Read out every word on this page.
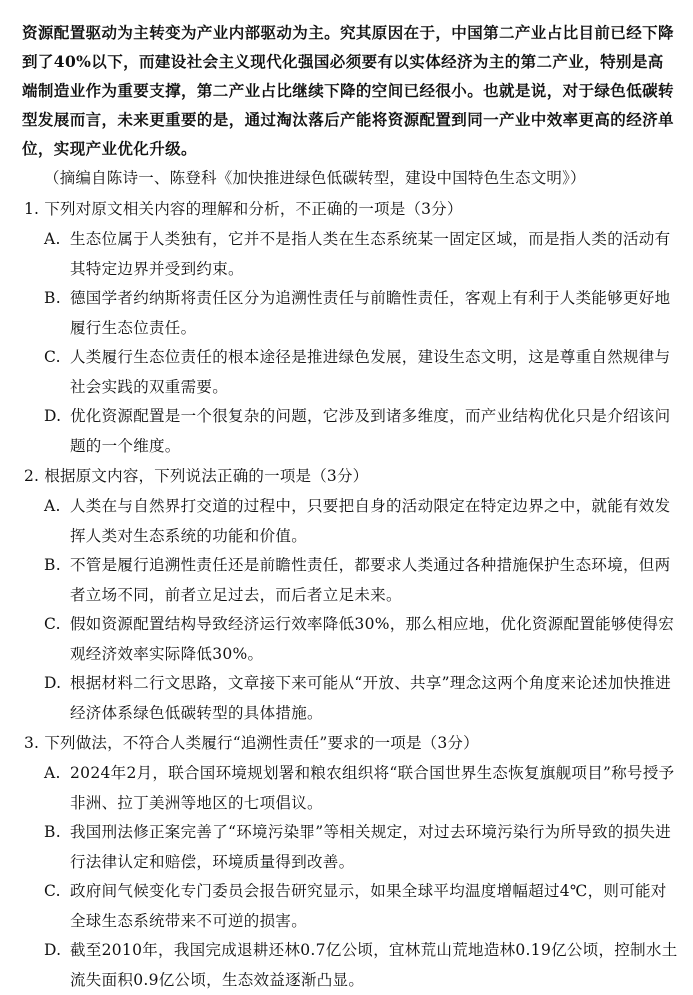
资源配置驱动为主转变为产业内部驱动为主。究其原因在于，中国第二产业占比目前已经下降到了40%以下，而建设社会主义现代化强国必须要有以实体经济为主的第二产业，特别是高端制造业作为重要支撑，第二产业占比继续下降的空间已经很小。也就是说，对于绿色低碳转型发展而言，未来更重要的是，通过淘汰落后产能将资源配置到同一产业中效率更高的经济单位，实现产业优化升级。

（摘编自陈诗一、陈登科《加快推进绿色低碳转型，建设中国特色生态文明》）

1. 下列对原文相关内容的理解和分析，不正确的一项是（3分）

A. 生态位属于人类独有，它并不是指人类在生态系统某一固定区域，而是指人类的活动有其特定边界并受到约束。

B. 德国学者约纳斯将责任区分为追溯性责任与前瞻性责任，客观上有利于人类能够更好地履行生态位责任。

C. 人类履行生态位责任的根本途径是推进绿色发展，建设生态文明，这是尊重自然规律与社会实践的双重需要。

D. 优化资源配置是一个很复杂的问题，它涉及到诸多维度，而产业结构优化只是介绍该问题的一个维度。

2. 根据原文内容，下列说法正确的一项是（3分）

A. 人类在与自然界打交道的过程中，只要把自身的活动限定在特定边界之中，就能有效发挥人类对生态系统的功能和价值。

B. 不管是履行追溯性责任还是前瞻性责任，都要求人类通过各种措施保护生态环境，但两者立场不同，前者立足过去，而后者立足未来。

C. 假如资源配置结构导致经济运行效率降低30%，那么相应地，优化资源配置能够使得宏观经济效率实际降低30%。

D. 根据材料二行文思路，文章接下来可能从“开放、共享”理念这两个角度来论述加快推进经济体系绿色低碳转型的具体措施。

3. 下列做法，不符合人类履行“追溯性责任”要求的一项是（3分）

A. 2024年2月，联合国环境规划署和粮农组织将“联合国世界生态恢复旗舰项目”称号授予非洲、拉丁美洲等地区的七项倡议。

B. 我国刑法修正案完善了“环境污染罪”等相关规定，对过去环境污染行为所导致的损失进行法律认定和赔偿，环境质量得到改善。

C. 政府间气候变化专门委员会报告研究显示，如果全球平均温度增幅超过4℃，则可能对全球生态系统带来不可逆的损害。

D. 截至2010年，我国完成退耕还林0.7亿公顷，宜林荒山荒地造林0.19亿公顷，控制水土流失面积0.9亿公顷，生态效益逐渐凸显。
